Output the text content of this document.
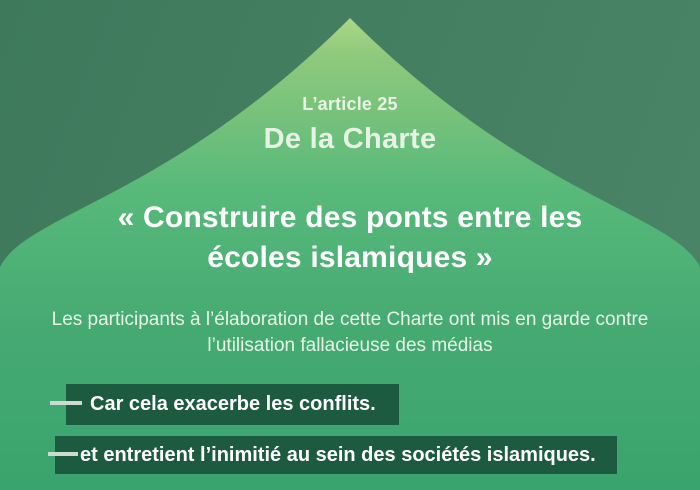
L’article 25
De la Charte
« Construire des ponts entre les
écoles islamiques »
Les participants à l’élaboration de cette Charte ont mis en garde contre
l’utilisation fallacieuse des médias
Car cela exacerbe les conflits.
et entretient l’inimitié au sein des sociétés islamiques.
